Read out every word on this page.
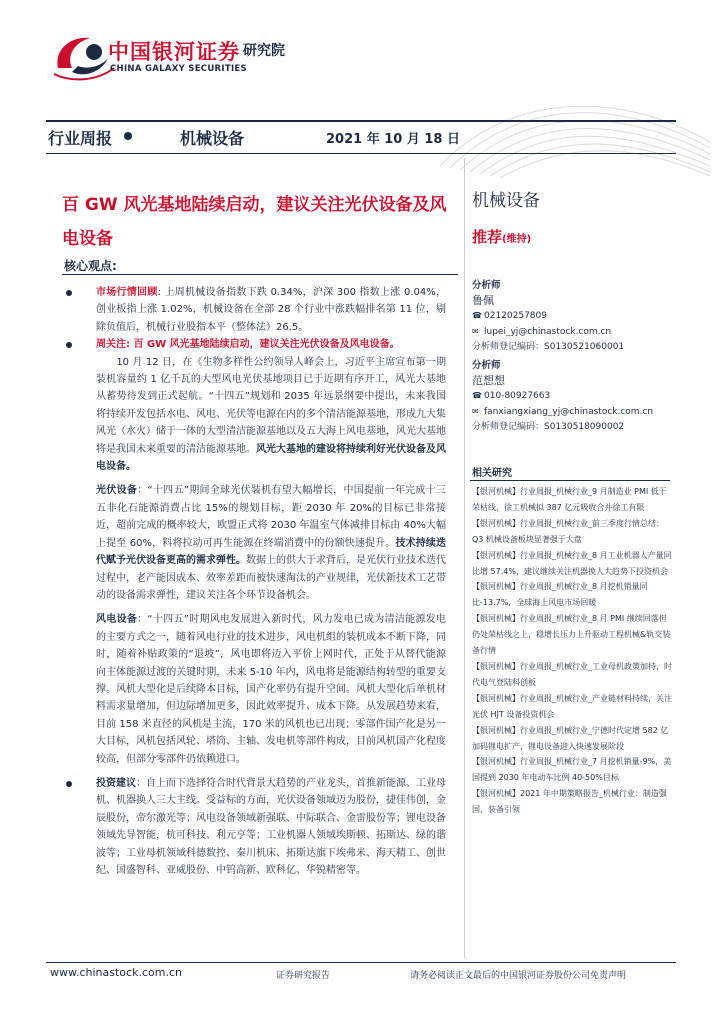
中国银河证券 研究院
CHINA GALAXY SECURITIES
行业周报	机械设备	2021 年 10 月 18 日
百 GW 风光基地陆续启动，建议关注光伏设备及风电设备
核心观点:

市场行情回顾: 上周机械设备指数下跌 0.34%，沪深 300 指数上涨 0.04%，创业板指上涨 1.02%，机械设备在全部 28 个行业中涨跌幅排名第 11 位，剔除负值后，机械行业股指本平（整体法）26.5。

周关注: 百 GW 风光基地陆续启动，建议关注光伏设备及风电设备。

　　10 月 12 日，在《生物多样性公约领导人峰会上，习近平主席宣布第一期装机容量约 1 亿千瓦的大型风电光伏基地项目已于近期有序开工，风光大基地从蓄势待发到正式起航。“十四五”规划和 2035 年远景纲要中提出，未来我国将持续开发包括水电、风电、光伏等电源在内的多个清洁能源基地，形成九大集风光（水火）储于一体的大型清洁能源基地以及五大海上风电基地，风光大基地将是我国未来重要的清洁能源基地。风光大基地的建设将持续利好光伏设备及风电设备。

光伏设备：“十四五”期间全球光伏装机有望大幅增长，中国提前一年完成十三五非化石能源消费占比 15%的规划目标，距 2030 年 20%的目标已非常接近，超前完成的概率较大，欧盟正式将 2030 年温室气体减排目标由 40%大幅上提至 60%，料将拉动可再生能源在终端消费中的份额快速提升。技术持续迭代赋予光伏设备更高的需求弹性。数据上的供大于求背后，是光伏行业技术迭代过程中，老产能因成本、效率差距而被快速淘汰的产业规律，光伏新技术工艺带动的设备需求弹性，建议关注各个环节设备机会。

风电设备：“十四五”时期风电发展进入新时代，风力发电已成为清洁能源发电的主要方式之一，随着风电行业的技术进步，风电机组的装机成本不断下降，同时，随着补贴政策的“退坡”，风电即将迈入平价上网时代，正处于从替代能源向主体能源过渡的关键时期，未来 5-10 年内，风电将是能源结构转型的重要支撑。风机大型化是后续降本目标，国产化率仍有提升空间。风机大型化后单机材料需求量增加，但边际增加更多，因此效率提升、成本下降。从发展趋势来看，目前 158 米直径的风机是主流，170 米的风机也已出现；零部件国产化是另一大目标，风机包括风轮、塔筒、主轴、发电机等部件构成，目前风机国产化程度较高，但部分零部件仍依赖进口。

投资建议：自上而下选择符合时代背景大趋势的产业龙头，首推新能源、工业母机、机器换人三大主线。受益标的方面，光伏设备领域迈为股份，捷佳伟创，金辰股份，帝尔激光等；风电设备领域新强联、中际联合、金雷股份等；锂电设备领域先导智能，杭可科技、利元亨等；工业机器人领域埃斯顿、拓斯达、绿的谐波等；工业母机领域科德数控、秦川机床、拓斯达旗下埃弗米、海天精工、创世纪、国盛智科、亚威股份、中钨高新、欧科亿、华锐精密等。

机械设备
推荐(维持)
分析师
鲁佩
☎ 02120257809
✉ lupei_yj@chinastock.com.cn
分析师登记编码：S0130521060001
分析师
范想想
☎ 010-80927663
✉ fanxiangxiang_yj@chinastock.com.cn
分析师登记编码：S0130518090002
相关研究
【银河机械】行业周报_机械行业_9 月制造业 PMI 低于荣枯线，徐工机械拟 387 亿元吸收合并徐工有限
【银河机械】行业周报_机械行业_前三季度行情总结：Q3 机械设备板块显著强于大盘
【银河机械】行业周报_机械行业_8 月工业机器人产量同比增 57.4%，建议继续关注机器换人大趋势下投资机会
【银河机械】行业周报_机械行业_8 月挖机销量同比-13.7%，全球海上风电市场回暖
【银河机械】行业周报_机械行业_8 月 PMI 继续回落但仍处荣枯线之上，稳增长压力上升驱动工程机械&轨交装备行情
【银河机械】行业周报_机械行业_工业母机政策加持，时代电气登陆科创板
【银河机械】行业周报_机械行业_产业链材料持续，关注光伏 HJT 设备投资机会
【银河机械】行业周报_机械行业_宁德时代定增 582 亿加码锂电扩产，锂电设备迎入快速发展阶段
【银河机械】行业周报_机械行业_7 月挖机销量-9%，美国提到 2030 年电动车比例 40-50%目标
【银河机械】2021 年中期策略报告_机械行业：制造强国，装备引领
www.chinastock.com.cn	证券研究报告	请务必阅读正文最后的中国银河证券股份公司免责声明
